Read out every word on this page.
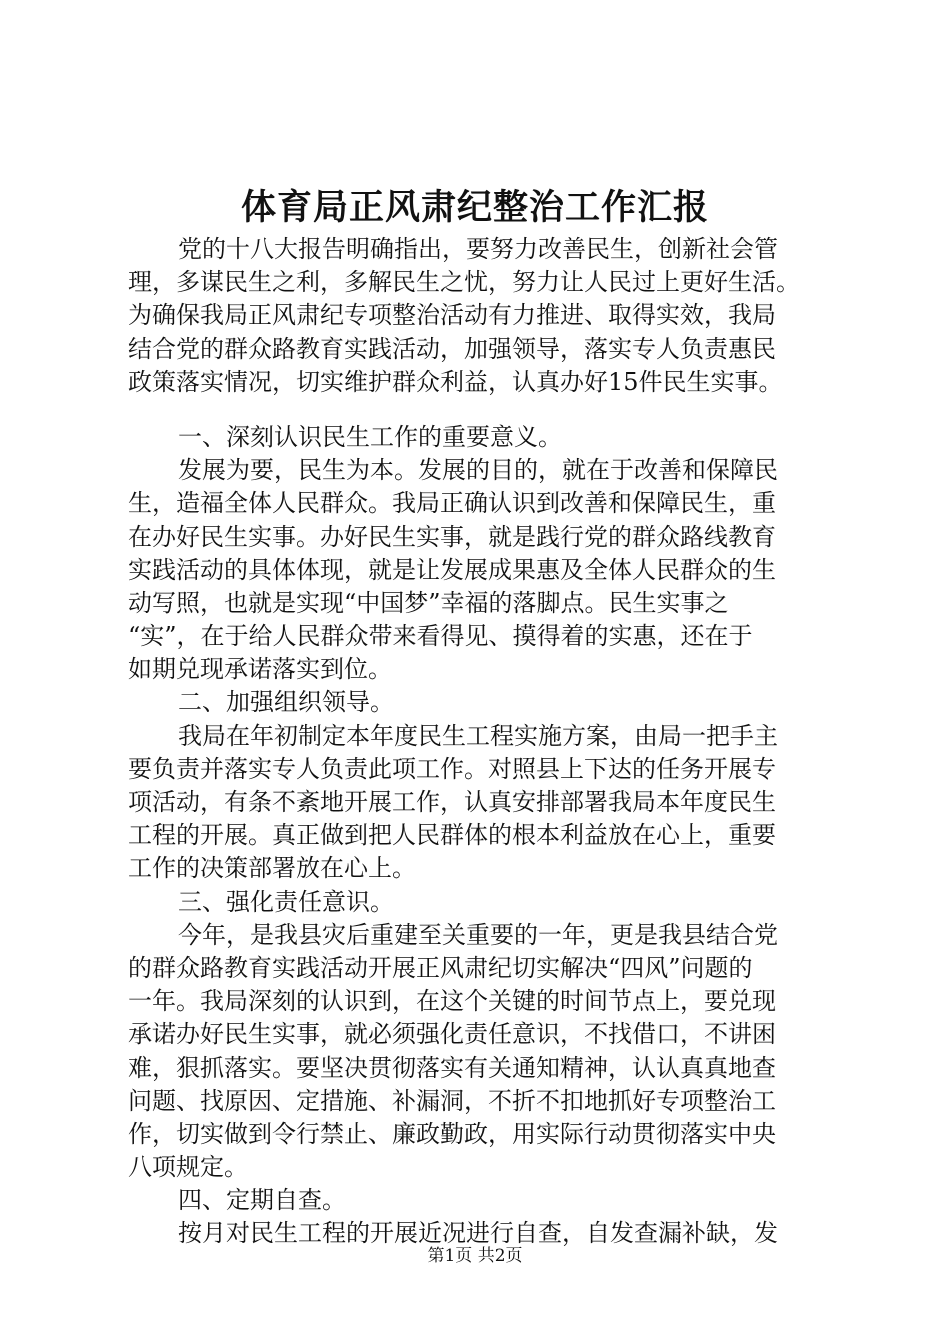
体育局正风肃纪整治工作汇报
党的十八大报告明确指出，要努力改善民生，创新社会管
理，多谋民生之利，多解民生之忧，努力让人民过上更好生活。
为确保我局正风肃纪专项整治活动有力推进、取得实效，我局
结合党的群众路教育实践活动，加强领导，落实专人负责惠民
政策落实情况，切实维护群众利益，认真办好15件民生实事。
一、深刻认识民生工作的重要意义。
发展为要，民生为本。发展的目的，就在于改善和保障民
生，造福全体人民群众。我局正确认识到改善和保障民生，重
在办好民生实事。办好民生实事，就是践行党的群众路线教育
实践活动的具体体现，就是让发展成果惠及全体人民群众的生
动写照，也就是实现“中国梦”幸福的落脚点。民生实事之
“实”，在于给人民群众带来看得见、摸得着的实惠，还在于
如期兑现承诺落实到位。
二、加强组织领导。
我局在年初制定本年度民生工程实施方案，由局一把手主
要负责并落实专人负责此项工作。对照县上下达的任务开展专
项活动，有条不紊地开展工作，认真安排部署我局本年度民生
工程的开展。真正做到把人民群体的根本利益放在心上，重要
工作的决策部署放在心上。
三、强化责任意识。
今年，是我县灾后重建至关重要的一年，更是我县结合党
的群众路教育实践活动开展正风肃纪切实解决“四风”问题的
一年。我局深刻的认识到，在这个关键的时间节点上，要兑现
承诺办好民生实事，就必须强化责任意识，不找借口，不讲困
难，狠抓落实。要坚决贯彻落实有关通知精神，认认真真地查
问题、找原因、定措施、补漏洞，不折不扣地抓好专项整治工
作，切实做到令行禁止、廉政勤政，用实际行动贯彻落实中央
八项规定。
四、定期自查。
按月对民生工程的开展近况进行自查，自发查漏补缺，发
第1页 共2页
